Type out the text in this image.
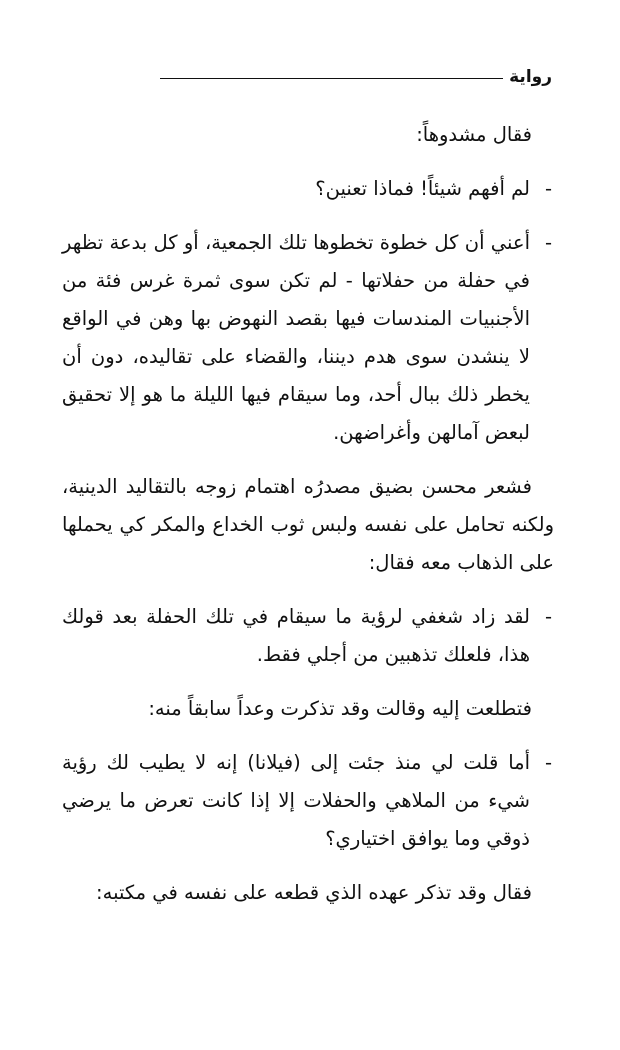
رواية

فقال مشدوهاً:

-

لم أفهم شيئاً! فماذا تعنين؟

-

أعني أن كل خطوة تخطوها تلك الجمعية، أو كل بدعة تظهر في حفلة من حفلاتها - لم تكن سوى ثمرة غرس فئة من الأجنبيات المندسات فيها بقصد النهوض بها وهن في الواقع لا ينشدن سوى هدم ديننا، والقضاء على تقاليده، دون أن يخطر ذلك ببال أحد، وما سيقام فيها الليلة ما هو إلا تحقيق لبعض آمالهن وأغراضهن.

فشعر محسن بضيق مصدرُه اهتمام زوجه بالتقاليد الدينية، ولكنه تحامل على نفسه ولبس ثوب الخداع والمكر كي يحملها على الذهاب معه فقال:

-

لقد زاد شغفي لرؤية ما سيقام في تلك الحفلة بعد قولك هذا، فلعلك تذهبين من أجلي فقط.

فتطلعت إليه وقالت وقد تذكرت وعداً سابقاً منه:

-

أما قلت لي منذ جئت إلى (فيلانا) إنه لا يطيب لك رؤية شيء من الملاهي والحفلات إلا إذا كانت تعرض ما يرضي ذوقي وما يوافق اختياري؟

فقال وقد تذكر عهده الذي قطعه على نفسه في مكتبه:
